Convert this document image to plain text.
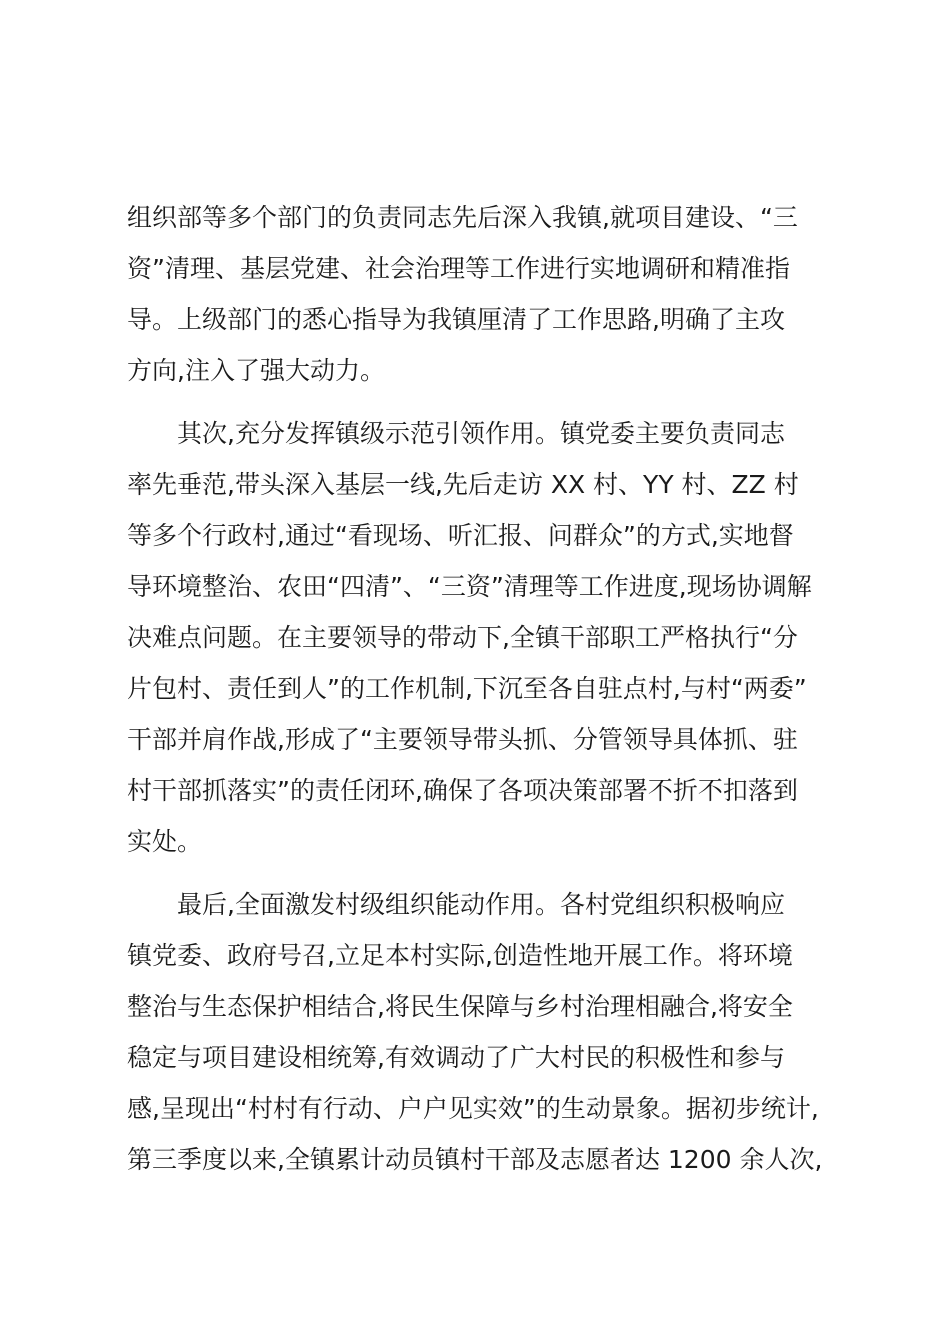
组织部等多个部门的负责同志先后深入我镇,就项目建设、“三
资”清理、基层党建、社会治理等工作进行实地调研和精准指
导。上级部门的悉心指导为我镇厘清了工作思路,明确了主攻
方向,注入了强大动力。
其次,充分发挥镇级示范引领作用。镇党委主要负责同志
率先垂范,带头深入基层一线,先后走访 XX 村、YY 村、ZZ 村
等多个行政村,通过“看现场、听汇报、问群众”的方式,实地督
导环境整治、农田“四清”、“三资”清理等工作进度,现场协调解
决难点问题。在主要领导的带动下,全镇干部职工严格执行“分
片包村、责任到人”的工作机制,下沉至各自驻点村,与村“两委”
干部并肩作战,形成了“主要领导带头抓、分管领导具体抓、驻
村干部抓落实”的责任闭环,确保了各项决策部署不折不扣落到
实处。
最后,全面激发村级组织能动作用。各村党组织积极响应
镇党委、政府号召,立足本村实际,创造性地开展工作。将环境
整治与生态保护相结合,将民生保障与乡村治理相融合,将安全
稳定与项目建设相统筹,有效调动了广大村民的积极性和参与
感,呈现出“村村有行动、户户见实效”的生动景象。据初步统计,
第三季度以来,全镇累计动员镇村干部及志愿者达 1200 余人次,
